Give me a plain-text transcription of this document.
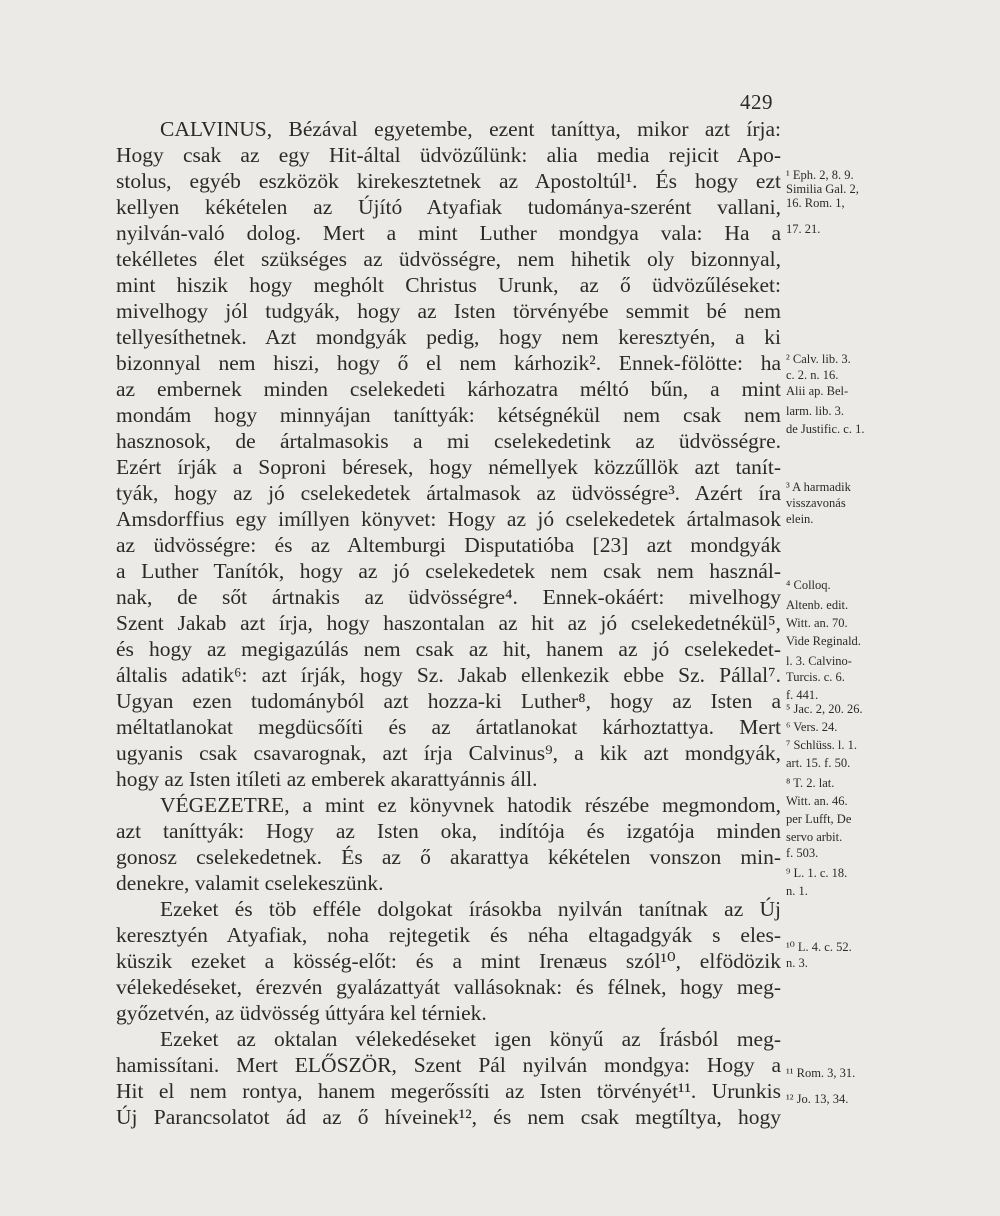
429
CALVINUS, Bézával egyetembe, ezent taníttya, mikor azt írja:
Hogy csak az egy Hit-által üdvözűlünk: alia media rejicit Apo-
stolus, egyéb eszközök kirekesztetnek az Apostoltúl¹. És hogy ezt
kellyen kékételen az Újító Atyafiak tudománya-szerént vallani,
nyilván-való dolog. Mert a mint Luther mondgya vala: Ha a
tekélletes élet szükséges az üdvösségre, nem hihetik oly bizonnyal,
mint hiszik hogy meghólt Christus Urunk, az ő üdvözűléseket:
mivelhogy jól tudgyák, hogy az Isten törvényébe semmit bé nem
tellyesíthetnek. Azt mondgyák pedig, hogy nem keresztyén, a ki
bizonnyal nem hiszi, hogy ő el nem kárhozik². Ennek-fölötte: ha
az embernek minden cselekedeti kárhozatra méltó bűn, a mint
mondám hogy minnyájan taníttyák: kétségnékül nem csak nem
hasznosok, de ártalmasokis a mi cselekedetink az üdvösségre.
Ezért írják a Soproni béresek, hogy némellyek közzűllök azt tanít-
tyák, hogy az jó cselekedetek ártalmasok az üdvösségre³. Azért íra
Amsdorffius egy imíllyen könyvet: Hogy az jó cselekedetek ártalmasok
az üdvösségre: és az Altemburgi Disputatióba [23] azt mondgyák
a Luther Tanítók, hogy az jó cselekedetek nem csak nem használ-
nak, de sőt ártnakis az üdvösségre⁴. Ennek-okáért: mivelhogy
Szent Jakab azt írja, hogy haszontalan az hit az jó cselekedetnékül⁵,
és hogy az megigazúlás nem csak az hit, hanem az jó cselekedet-
általis adatik⁶: azt írják, hogy Sz. Jakab ellenkezik ebbe Sz. Pállal⁷.
Ugyan ezen tudományból azt hozza-ki Luther⁸, hogy az Isten a
méltatlanokat megdücsőíti és az ártatlanokat kárhoztattya. Mert
ugyanis csak csavarognak, azt írja Calvinus⁹, a kik azt mondgyák,
hogy az Isten itíleti az emberek akarattyánnis áll.
VÉGEZETRE, a mint ez könyvnek hatodik részébe megmondom,
azt taníttyák: Hogy az Isten oka, indítója és izgatója minden
gonosz cselekedetnek. És az ő akarattya kékételen vonszon min-
denekre, valamit cselekeszünk.
Ezeket és töb efféle dolgokat írásokba nyilván tanítnak az Új
keresztyén Atyafiak, noha rejtegetik és néha eltagadgyák s eles-
küszik ezeket a kösség-előt: és a mint Irenæus szól¹⁰, elfödözik
vélekedéseket, érezvén gyalázattyát vallásoknak: és félnek, hogy meg-
győzetvén, az üdvösség úttyára kel térniek.
Ezeket az oktalan vélekedéseket igen könyű az Írásból meg-
hamissítani. Mert ELŐSZÖR, Szent Pál nyilván mondgya: Hogy a
Hit el nem rontya, hanem megerőssíti az Isten törvényét¹¹. Urunkis
Új Parancsolatot ád az ő híveinek¹², és nem csak megtíltya, hogy
¹ Eph. 2, 8. 9.
Similia Gal. 2,
16. Rom. 1,
17. 21.
² Calv. lib. 3.
c. 2. n. 16.
Alii ap. Bel-
larm. lib. 3.
de Justific. c. 1.
³ A harmadik
visszavonás
elein.
⁴ Colloq.
Altenb. edit.
Witt. an. 70.
Vide Reginald.
l. 3. Calvino-
Turcis. c. 6.
f. 441.
⁵ Jac. 2, 20. 26.
⁶ Vers. 24.
⁷ Schlüss. l. 1.
art. 15. f. 50.
⁸ T. 2. lat.
Witt. an. 46.
per Lufft, De
servo arbit.
f. 503.
⁹ L. 1. c. 18.
n. 1.
¹⁰ L. 4. c. 52.
n. 3.
¹¹ Rom. 3, 31.
¹² Jo. 13, 34.
